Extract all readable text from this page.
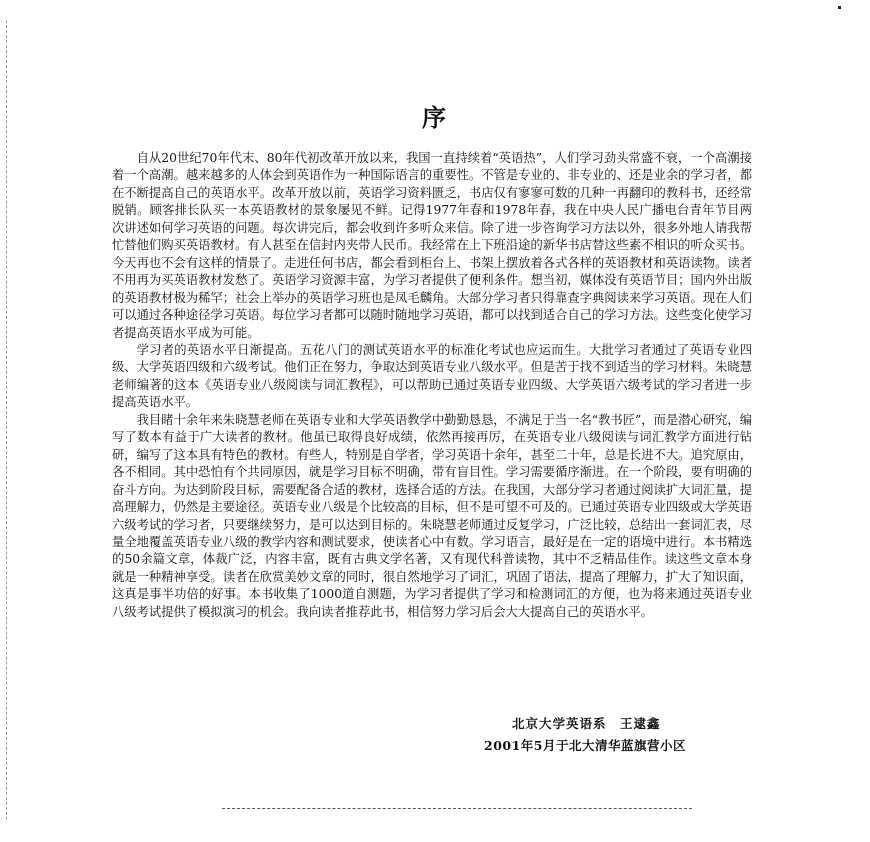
序

自从20世纪70年代末、80年代初改革开放以来，我国一直持续着“英语热”，人们学习劲头常盛不衰，一个高潮接着一个高潮。越来越多的人体会到英语作为一种国际语言的重要性。不管是专业的、非专业的、还是业余的学习者，都在不断提高自己的英语水平。改革开放以前，英语学习资料匮乏，书店仅有寥寥可数的几种一再翻印的教科书，还经常脱销。顾客排长队买一本英语教材的景象屡见不鲜。记得1977年春和1978年春，我在中央人民广播电台青年节目两次讲述如何学习英语的问题。每次讲完后，都会收到许多听众来信。除了进一步咨询学习方法以外，很多外地人请我帮忙替他们购买英语教材。有人甚至在信封内夹带人民币。我经常在上下班沿途的新华书店替这些素不相识的听众买书。今天再也不会有这样的情景了。走进任何书店，都会看到柜台上、书架上摆放着各式各样的英语教材和英语读物。读者不用再为买英语教材发愁了。英语学习资源丰富，为学习者提供了便利条件。想当初，媒体没有英语节目；国内外出版的英语教材极为稀罕；社会上举办的英语学习班也是凤毛麟角。大部分学习者只得靠查字典阅读来学习英语。现在人们可以通过各种途径学习英语。每位学习者都可以随时随地学习英语，都可以找到适合自己的学习方法。这些变化使学习者提高英语水平成为可能。

学习者的英语水平日渐提高。五花八门的测试英语水平的标准化考试也应运而生。大批学习者通过了英语专业四级、大学英语四级和六级考试。他们正在努力，争取达到英语专业八级水平。但是苦于找不到适当的学习材料。朱晓慧老师编著的这本《英语专业八级阅读与词汇教程》，可以帮助已通过英语专业四级、大学英语六级考试的学习者进一步提高英语水平。

我目睹十余年来朱晓慧老师在英语专业和大学英语教学中勤勤恳恳，不满足于当一名“教书匠”，而是潜心研究，编写了数本有益于广大读者的教材。他虽已取得良好成绩，依然再接再厉，在英语专业八级阅读与词汇教学方面进行钻研，编写了这本具有特色的教材。有些人，特别是自学者，学习英语十余年，甚至二十年，总是长进不大。追究原由，各不相同。其中恐怕有个共同原因，就是学习目标不明确，带有盲目性。学习需要循序渐进。在一个阶段，要有明确的奋斗方向。为达到阶段目标，需要配备合适的教材，选择合适的方法。在我国，大部分学习者通过阅读扩大词汇量，提高理解力，仍然是主要途径。英语专业八级是个比较高的目标，但不是可望不可及的。已通过英语专业四级或大学英语六级考试的学习者，只要继续努力，是可以达到目标的。朱晓慧老师通过反复学习，广泛比较，总结出一套词汇表，尽量全地覆盖英语专业八级的教学内容和测试要求，使读者心中有数。学习语言，最好是在一定的语境中进行。本书精选的50余篇文章，体裁广泛，内容丰富，既有古典文学名著，又有现代科普读物，其中不乏精品佳作。读这些文章本身就是一种精神享受。读者在欣赏美妙文章的同时，很自然地学习了词汇，巩固了语法，提高了理解力，扩大了知识面，这真是事半功倍的好事。本书收集了1000道自测题，为学习者提供了学习和检测词汇的方便，也为将来通过英语专业八级考试提供了模拟演习的机会。我向读者推荐此书，相信努力学习后会大大提高自己的英语水平。

北京大学英语系　王逮鑫
2001年5月于北大清华蓝旗营小区
